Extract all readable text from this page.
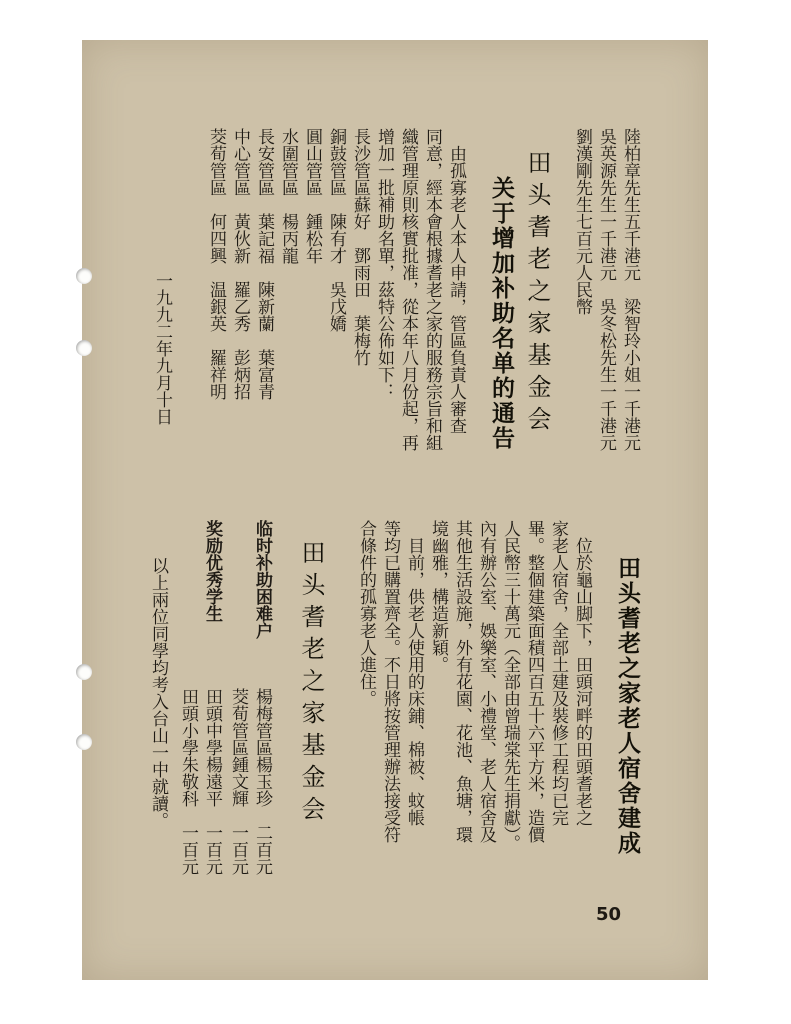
陸柏章先生五千港元　梁智玲小姐一千港元
吳英源先生一千港元　吳冬松先生一千港元
劉漢剛先生七百元人民幣
田头耆老之家基金会
关于增加补助名单的通告
　由孤寡老人本人申請，管區負責人審查
同意，經本會根據耆老之家的服務宗旨和組
織管理原則核實批准，從本年八月份起，再
增加一批補助名單，茲特公佈如下：
長沙管區蘇好　鄧雨田　葉梅竹
銅鼓管區　陳有才　吳戊嬌
圓山管區　鍾松年
水圍管區　楊丙龍
長安管區　葉記福　陳新蘭　葉富青
中心管區　黃伙新　羅乙秀　彭炳招
茭荀管區　何四興　温銀英　羅祥明
一九九二年九月十日
田头耆老之家老人宿舍建成
　位於龜山脚下，田頭河畔的田頭耆老之
家老人宿舍，全部土建及裝修工程均已完
畢。整個建築面積四百五十六平方米，造價
人民幣三十萬元（全部由曾瑞棠先生捐獻）。
內有辦公室、娛樂室、小禮堂、老人宿舍及
其他生活設施，外有花園、花池、魚塘，環
境幽雅，構造新穎。
　目前，供老人使用的床鋪、棉被、蚊帳
等均已購置齊全。不日將按管理辦法接受符
合條件的孤寡老人進住。
田头耆老之家基金会
临时补助困难户
楊梅管區楊玉珍　二百元
茭荀管區鍾文輝　一百元
奖励优秀学生
田頭中學楊遠平　一百元
田頭小學朱敬科　一百元
　以上兩位同學均考入台山一中就讀。
50
